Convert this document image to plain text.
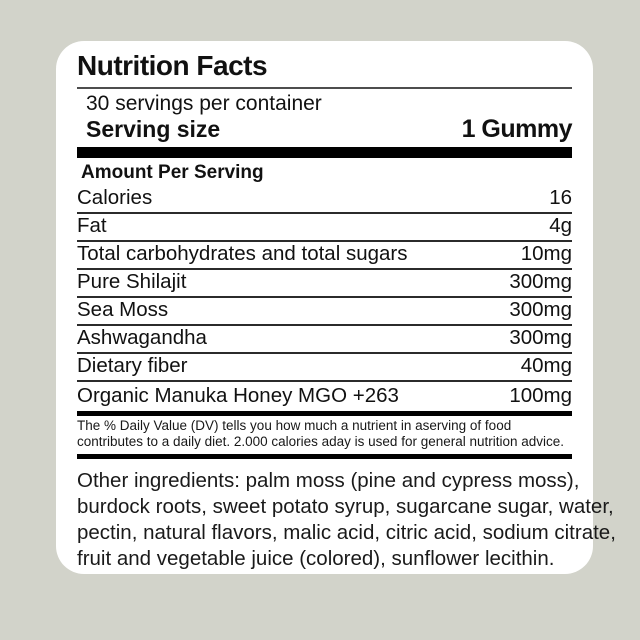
Nutrition Facts
30 servings per container
Serving size	1 Gummy
Amount Per Serving
Calories	16
Fat	4g
Total carbohydrates and total sugars	10mg
Pure Shilajit	300mg
Sea Moss	300mg
Ashwagandha	300mg
Dietary fiber	40mg
Organic Manuka Honey MGO +263	100mg
The % Daily Value (DV) tells you how much a nutrient in aserving of food
contributes to a daily diet. 2.000 calories aday is used for general nutrition advice.
Other ingredients: palm moss (pine and cypress moss),
burdock roots, sweet potato syrup, sugarcane sugar, water,
pectin, natural flavors, malic acid, citric acid, sodium citrate,
fruit and vegetable juice (colored), sunflower lecithin.
